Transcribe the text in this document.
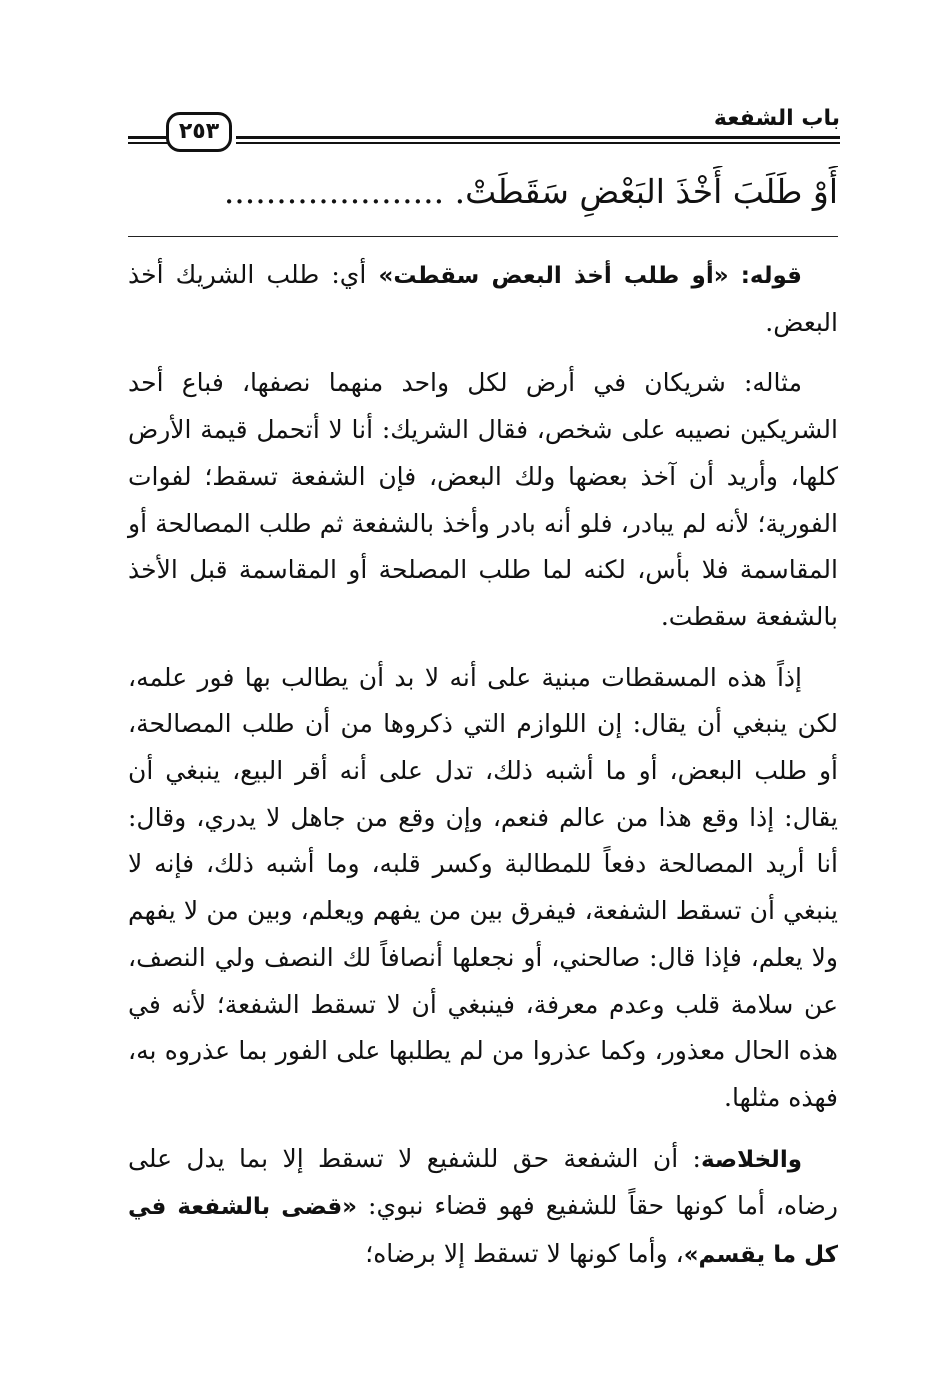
باب الشفعة
٢٥٣
أَوْ طَلَبَ أَخْذَ البَعْضِ سَقَطَتْ. .....................

قوله: «أو طلب أخذ البعض سقطت» أي: طلب الشريك أخذ البعض.

مثاله: شريكان في أرض لكل واحد منهما نصفها، فباع أحد الشريكين نصيبه على شخص، فقال الشريك: أنا لا أتحمل قيمة الأرض كلها، وأريد أن آخذ بعضها ولك البعض، فإن الشفعة تسقط؛ لفوات الفورية؛ لأنه لم يبادر، فلو أنه بادر وأخذ بالشفعة ثم طلب المصالحة أو المقاسمة فلا بأس، لكنه لما طلب المصلحة أو المقاسمة قبل الأخذ بالشفعة سقطت.

إذاً هذه المسقطات مبنية على أنه لا بد أن يطالب بها فور علمه، لكن ينبغي أن يقال: إن اللوازم التي ذكروها من أن طلب المصالحة، أو طلب البعض، أو ما أشبه ذلك، تدل على أنه أقر البيع، ينبغي أن يقال: إذا وقع هذا من عالم فنعم، وإن وقع من جاهل لا يدري، وقال: أنا أريد المصالحة دفعاً للمطالبة وكسر قلبه، وما أشبه ذلك، فإنه لا ينبغي أن تسقط الشفعة، فيفرق بين من يفهم ويعلم، وبين من لا يفهم ولا يعلم، فإذا قال: صالحني، أو نجعلها أنصافاً لك النصف ولي النصف، عن سلامة قلب وعدم معرفة، فينبغي أن لا تسقط الشفعة؛ لأنه في هذه الحال معذور، وكما عذروا من لم يطلبها على الفور بما عذروه به، فهذه مثلها.

والخلاصة: أن الشفعة حق للشفيع لا تسقط إلا بما يدل على رضاه، أما كونها حقاً للشفيع فهو قضاء نبوي: «قضى بالشفعة في كل ما يقسم»، وأما كونها لا تسقط إلا برضاه؛
